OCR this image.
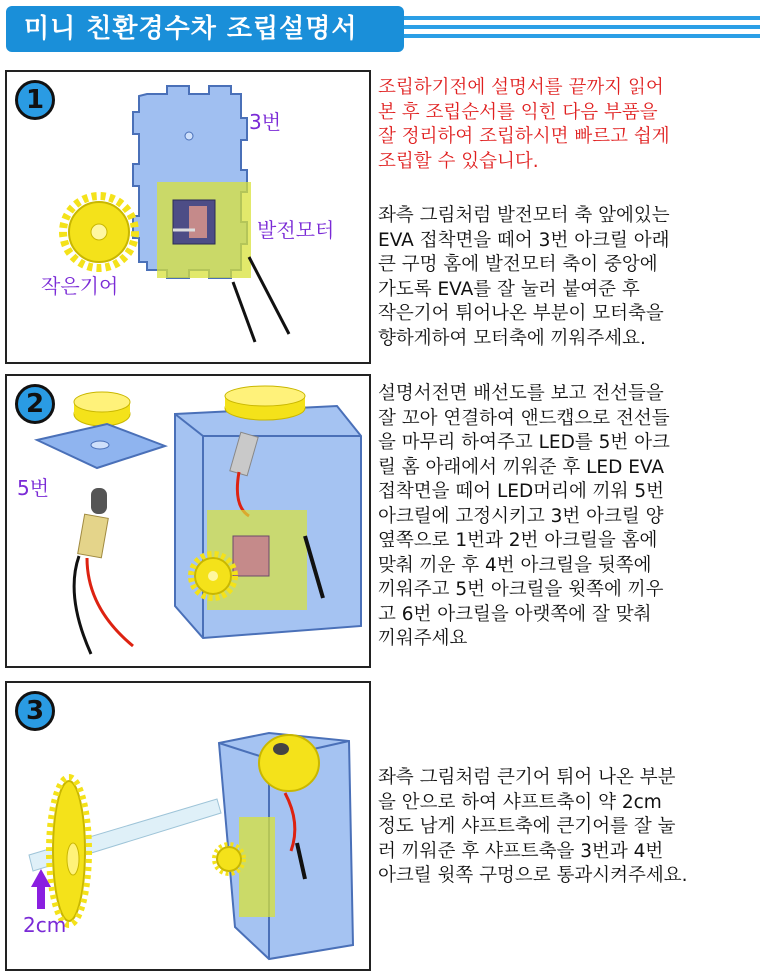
미니 친환경수차 조립설명서
1
3번
발전모터
작은기어
조립하기전에 설명서를 끝까지 읽어
본 후 조립순서를 익힌 다음 부품을
잘 정리하여 조립하시면 빠르고 쉽게
조립할 수 있습니다.
좌측 그림처럼 발전모터 축 앞에있는
EVA 접착면을 떼어 3번 아크릴 아래
큰 구멍 홈에 발전모터 축이 중앙에
가도록 EVA를 잘 눌러 붙여준 후
작은기어 튀어나온 부분이 모터축을
향하게하여 모터축에 끼워주세요.
2
5번
설명서전면 배선도를 보고 전선들을
잘 꼬아 연결하여 앤드캡으로 전선들
을 마무리 하여주고 LED를 5번 아크
릴 홈 아래에서 끼워준 후 LED EVA
접착면을 떼어 LED머리에 끼워 5번
아크릴에 고정시키고 3번 아크릴 양
옆쪽으로 1번과 2번 아크릴을 홈에
맞춰 끼운 후 4번 아크릴을 뒷쪽에
끼워주고 5번 아크릴을 윗쪽에 끼우
고 6번 아크릴을 아랫쪽에 잘 맞춰
끼워주세요
3
2cm
좌측 그림처럼 큰기어 튀어 나온 부분
을 안으로 하여 샤프트축이 약 2cm
정도 남게 샤프트축에 큰기어를 잘 눌
러 끼워준 후 샤프트축을 3번과 4번
아크릴 윗쪽 구멍으로 통과시켜주세요.
